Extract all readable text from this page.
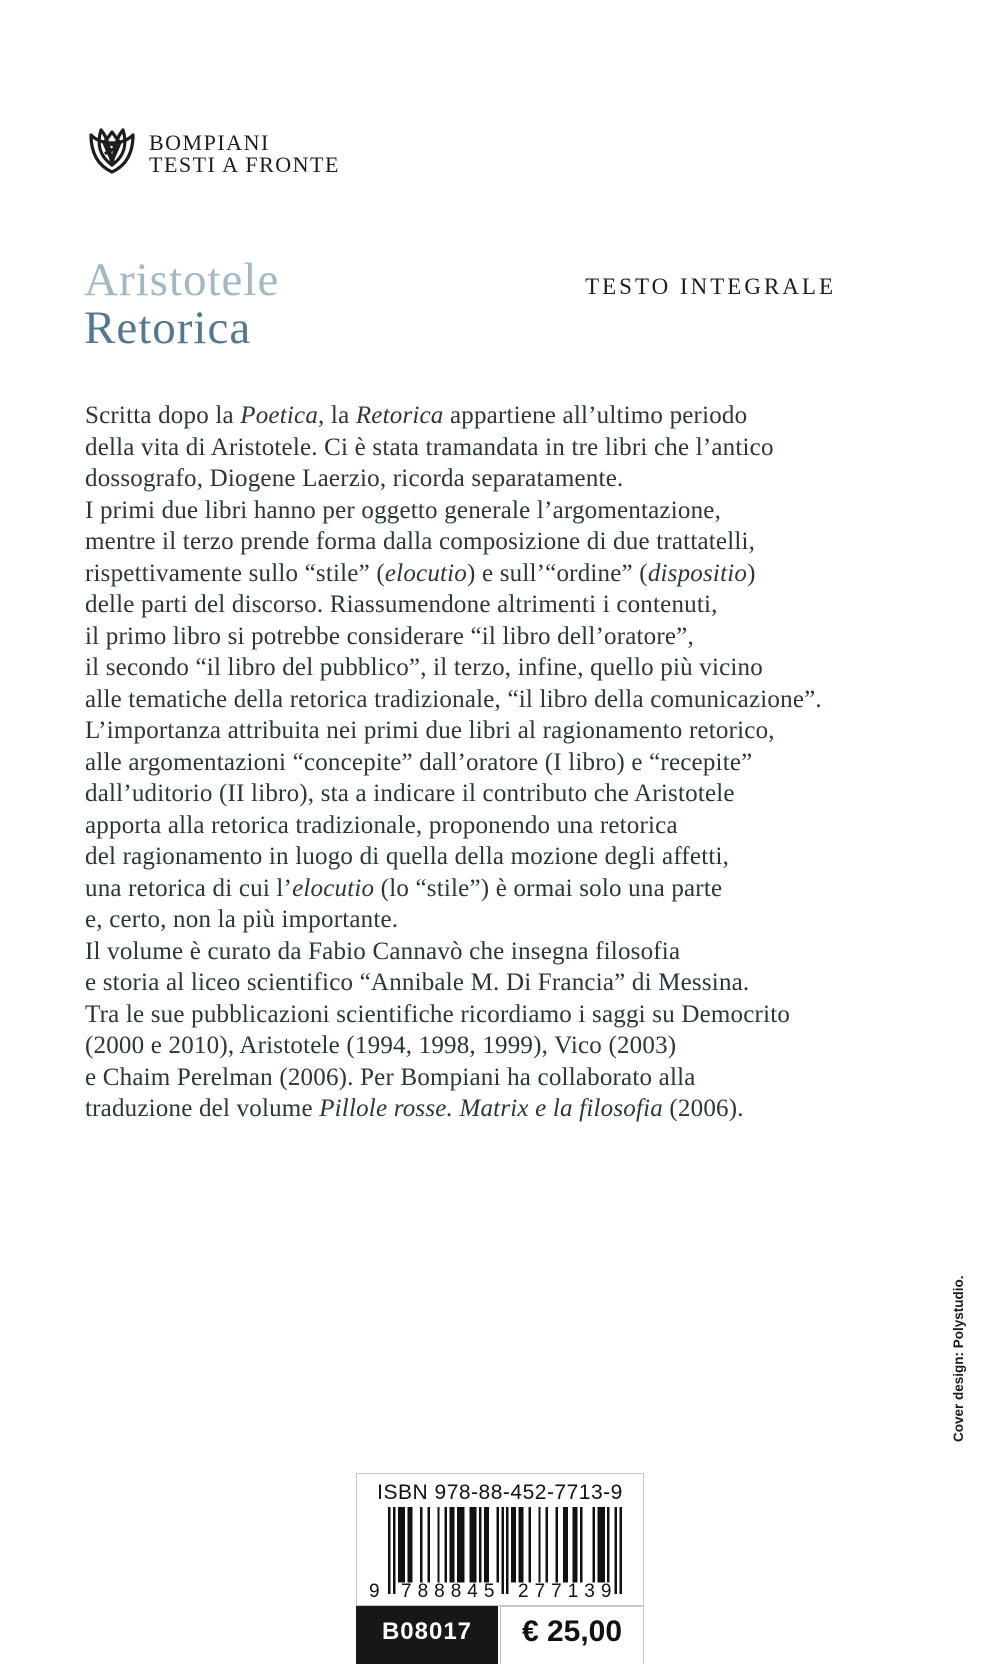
BOMPIANI
TESTI A FRONTE
Aristotele
Retorica
TESTO INTEGRALE
Scritta dopo la Poetica, la Retorica appartiene all’ultimo periodo
della vita di Aristotele. Ci è stata tramandata in tre libri che l’antico
dossografo, Diogene Laerzio, ricorda separatamente.
I primi due libri hanno per oggetto generale l’argomentazione,
mentre il terzo prende forma dalla composizione di due trattatelli,
rispettivamente sullo “stile” (elocutio) e sull’“ordine” (dispositio)
delle parti del discorso. Riassumendone altrimenti i contenuti,
il primo libro si potrebbe considerare “il libro dell’oratore”,
il secondo “il libro del pubblico”, il terzo, infine, quello più vicino
alle tematiche della retorica tradizionale, “il libro della comunicazione”.
L’importanza attribuita nei primi due libri al ragionamento retorico,
alle argomentazioni “concepite” dall’oratore (I libro) e “recepite”
dall’uditorio (II libro), sta a indicare il contributo che Aristotele
apporta alla retorica tradizionale, proponendo una retorica
del ragionamento in luogo di quella della mozione degli affetti,
una retorica di cui l’elocutio (lo “stile”) è ormai solo una parte
e, certo, non la più importante.
Il volume è curato da Fabio Cannavò che insegna filosofia
e storia al liceo scientifico “Annibale M. Di Francia” di Messina.
Tra le sue pubblicazioni scientifiche ricordiamo i saggi su Democrito
(2000 e 2010), Aristotele (1994, 1998, 1999), Vico (2003)
e Chaim Perelman (2006). Per Bompiani ha collaborato alla
traduzione del volume Pillole rosse. Matrix e la filosofia (2006).
Cover design: Polystudio.
ISBN 978-88-452-7713-9
9 788845 277139
B08017	€ 25,00
